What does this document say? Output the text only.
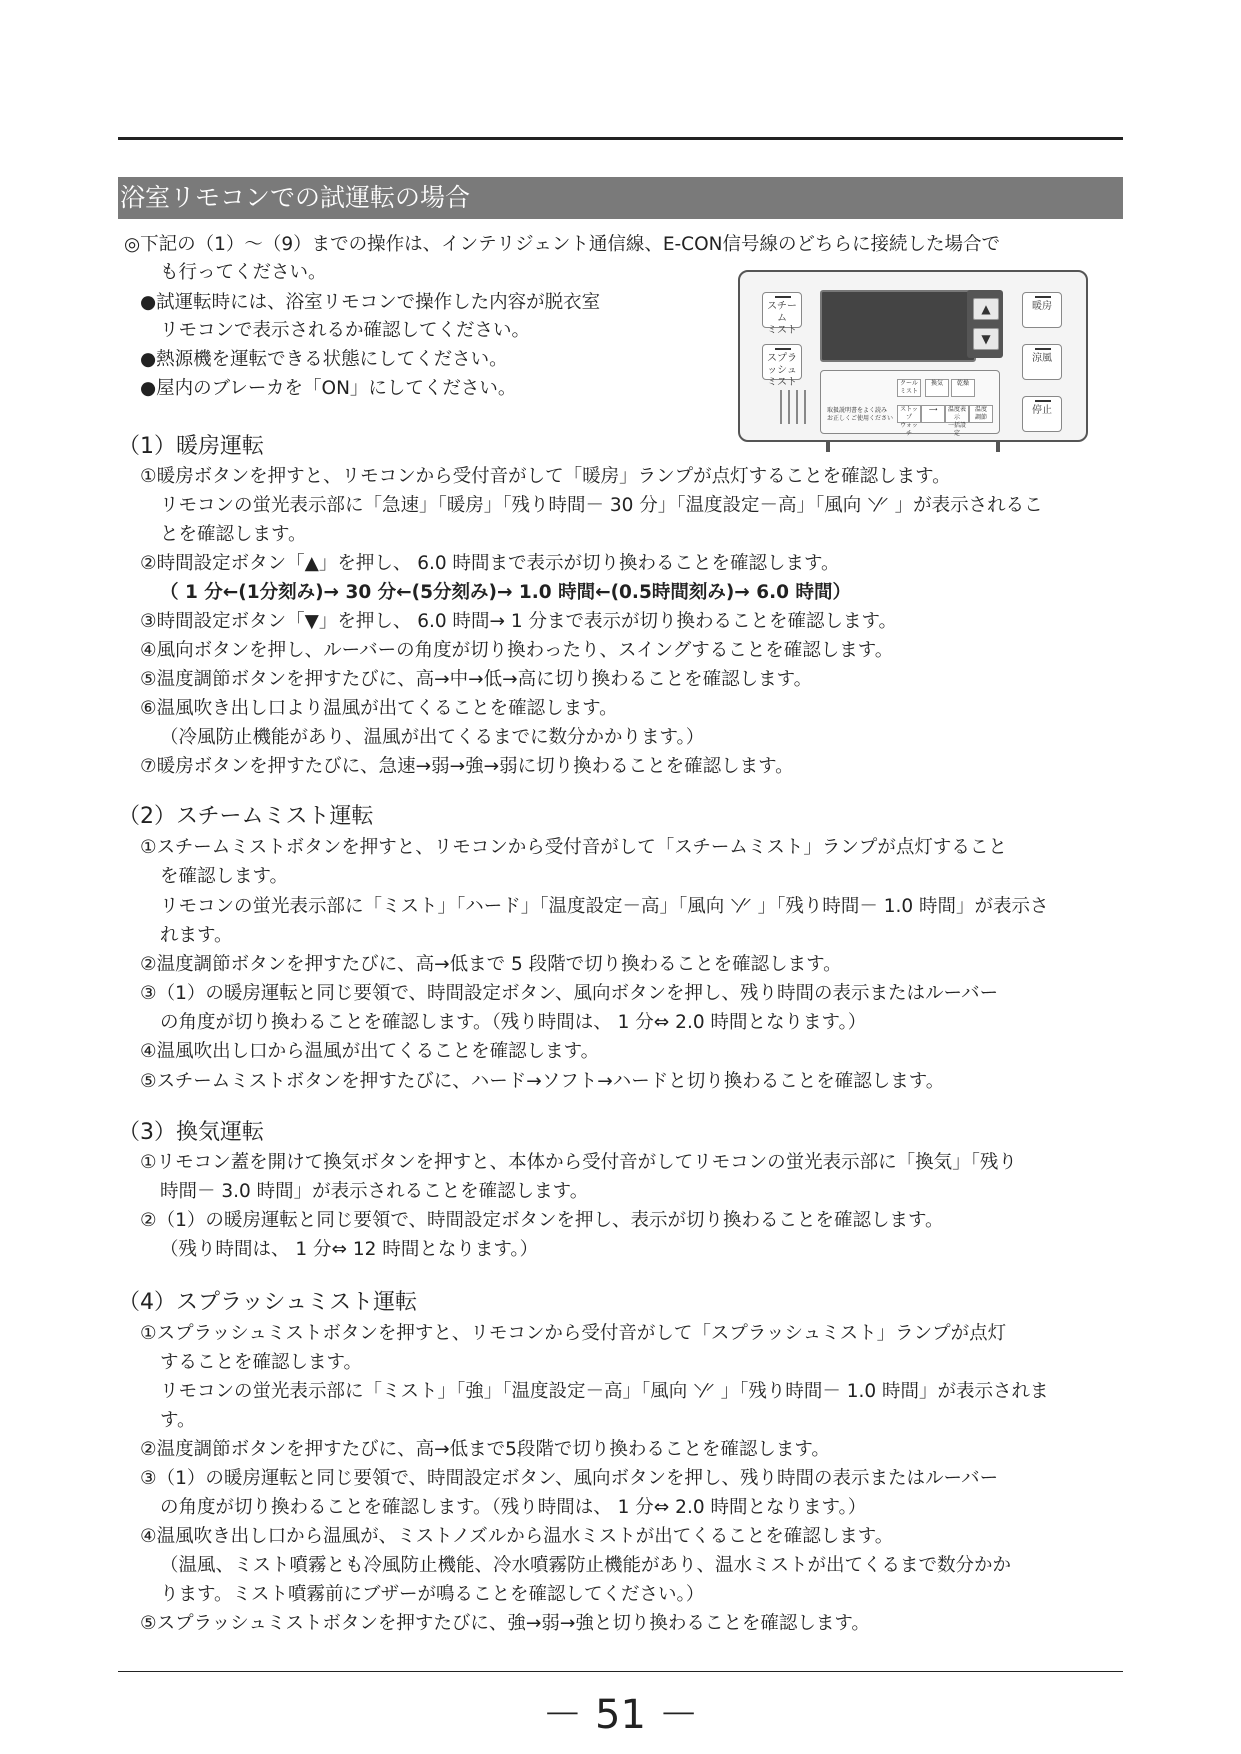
浴室リモコンでの試運転の場合
◎下記の（1）〜（9）までの操作は、インテリジェント通信線、E-CON信号線のどちらに接続した場合で
も行ってください。
●試運転時には、浴室リモコンで操作した内容が脱衣室
リモコンで表示されるか確認してください。
●熱源機を運転できる状態にしてください。
●屋内のブレーカを「ON」にしてください。
スチーム
ミスト
スプラッシュ
ミスト
▲
▼
暖房
涼風
停止
クール
ミスト
換気	乾燥
ストップ
ウォッチ
⟶	温度表示
一括設定
温度
調節
取扱説明書をよく読み
お正しくご使用ください
（1）暖房運転
①暖房ボタンを押すと、リモコンから受付音がして「暖房」ランプが点灯することを確認します。
リモコンの蛍光表示部に「急速」「暖房」「残り時間－ 30 分」「温度設定－高」「風向 ⸌⁄⸍ 」が表示されるこ
とを確認します。
②時間設定ボタン「▲」を押し、 6.0 時間まで表示が切り換わることを確認します。
（ 1 分←(1分刻み)→ 30 分←(5分刻み)→ 1.0 時間←(0.5時間刻み)→ 6.0 時間）
③時間設定ボタン「▼」を押し、 6.0 時間→ 1 分まで表示が切り換わることを確認します。
④風向ボタンを押し、ルーバーの角度が切り換わったり、スイングすることを確認します。
⑤温度調節ボタンを押すたびに、高→中→低→高に切り換わることを確認します。
⑥温風吹き出し口より温風が出てくることを確認します。
（冷風防止機能があり、温風が出てくるまでに数分かかります。）
⑦暖房ボタンを押すたびに、急速→弱→強→弱に切り換わることを確認します。
（2）スチームミスト運転
①スチームミストボタンを押すと、リモコンから受付音がして「スチームミスト」ランプが点灯すること
を確認します。
リモコンの蛍光表示部に「ミスト」「ハード」「温度設定－高」「風向 ⸌⁄⸍ 」「残り時間－ 1.0 時間」が表示さ
れます。
②温度調節ボタンを押すたびに、高→低まで 5 段階で切り換わることを確認します。
③（1）の暖房運転と同じ要領で、時間設定ボタン、風向ボタンを押し、残り時間の表示またはルーバー
の角度が切り換わることを確認します。（残り時間は、 1 分⇔ 2.0 時間となります。）
④温風吹出し口から温風が出てくることを確認します。
⑤スチームミストボタンを押すたびに、ハード→ソフト→ハードと切り換わることを確認します。
（3）換気運転
①リモコン蓋を開けて換気ボタンを押すと、本体から受付音がしてリモコンの蛍光表示部に「換気」「残り
時間－ 3.0 時間」が表示されることを確認します。
②（1）の暖房運転と同じ要領で、時間設定ボタンを押し、表示が切り換わることを確認します。
（残り時間は、 1 分⇔ 12 時間となります。）
（4）スプラッシュミスト運転
①スプラッシュミストボタンを押すと、リモコンから受付音がして「スプラッシュミスト」ランプが点灯
することを確認します。
リモコンの蛍光表示部に「ミスト」「強」「温度設定－高」「風向 ⸌⁄⸍ 」「残り時間－ 1.0 時間」が表示されま
す。
②温度調節ボタンを押すたびに、高→低まで5段階で切り換わることを確認します。
③（1）の暖房運転と同じ要領で、時間設定ボタン、風向ボタンを押し、残り時間の表示またはルーバー
の角度が切り換わることを確認します。（残り時間は、 1 分⇔ 2.0 時間となります。）
④温風吹き出し口から温風が、ミストノズルから温水ミストが出てくることを確認します。
（温風、ミスト噴霧とも冷風防止機能、冷水噴霧防止機能があり、温水ミストが出てくるまで数分かか
ります。ミスト噴霧前にブザーが鳴ることを確認してください。）
⑤スプラッシュミストボタンを押すたびに、強→弱→強と切り換わることを確認します。
－ 51 －
